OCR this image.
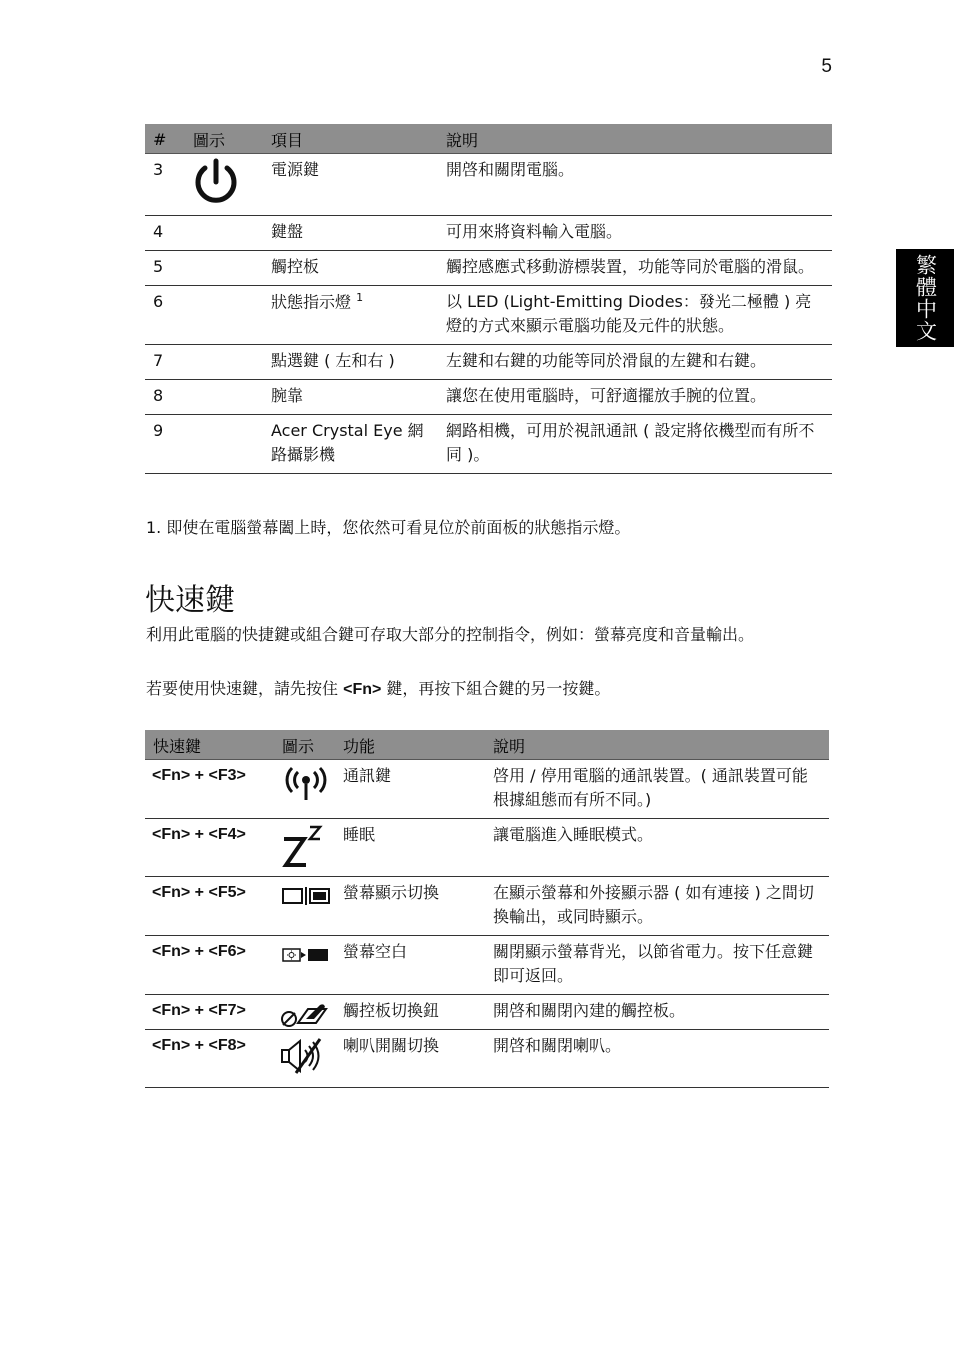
5
繁體中文
#	圖示	項目	說明
3		電源鍵	開啓和關閉電腦。
4		鍵盤	可用來將資料輸入電腦。
5		觸控板	觸控感應式移動游標裝置，功能等同於電腦的滑鼠。
6		狀態指示燈 $^1$	以 LED (Light-Emitting Diodes：發光二極體 ) 亮燈的方式來顯示電腦功能及元件的狀態。
7		點選鍵 ( 左和右 )	左鍵和右鍵的功能等同於滑鼠的左鍵和右鍵。
8		腕靠	讓您在使用電腦時，可舒適擺放手腕的位置。
9		Acer Crystal Eye 網路攝影機	網路相機，可用於視訊通訊 ( 設定將依機型而有所不同 )。
1. 即使在電腦螢幕闔上時，您依然可看見位於前面板的狀態指示燈。
快速鍵

利用此電腦的快捷鍵或組合鍵可存取大部分的控制指令，例如：螢幕亮度和音量輸出。

若要使用快速鍵，請先按住 <Fn> 鍵，再按下組合鍵的另一按鍵。

快速鍵	圖示	功能	說明
<Fn> + <F3>		通訊鍵	啓用 / 停用電腦的通訊裝置。( 通訊裝置可能根據組態而有所不同。)
<Fn> + <F4>		睡眠	讓電腦進入睡眠模式。
<Fn> + <F5>		螢幕顯示切換	在顯示螢幕和外接顯示器 ( 如有連接 ) 之間切換輸出，或同時顯示。
<Fn> + <F6>		螢幕空白	關閉顯示螢幕背光，以節省電力。按下任意鍵即可返回。
<Fn> + <F7>		觸控板切換鈕	開啓和關閉內建的觸控板。
<Fn> + <F8>		喇叭開關切換	開啓和關閉喇叭。
